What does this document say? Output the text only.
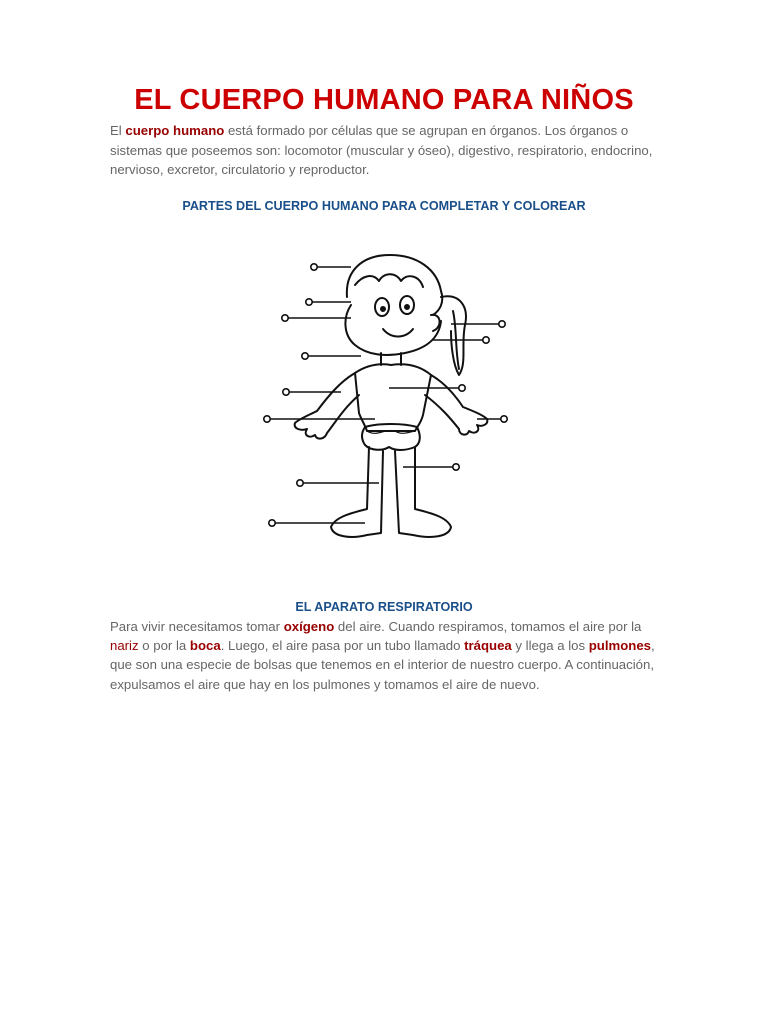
EL CUERPO HUMANO PARA NIÑOS

El cuerpo humano está formado por células que se agrupan en órganos. Los órganos o sistemas que poseemos son: locomotor (muscular y óseo), digestivo, respiratorio, endocrino, nervioso, excretor, circulatorio y reproductor.

PARTES DEL CUERPO HUMANO PARA COMPLETAR Y COLOREAR
EL APARATO RESPIRATORIO

Para vivir necesitamos tomar oxígeno del aire. Cuando respiramos, tomamos el aire por la nariz o por la boca. Luego, el aire pasa por un tubo llamado tráquea y llega a los pulmones, que son una especie de bolsas que tenemos en el interior de nuestro cuerpo. A continuación, expulsamos el aire que hay en los pulmones y tomamos el aire de nuevo.
